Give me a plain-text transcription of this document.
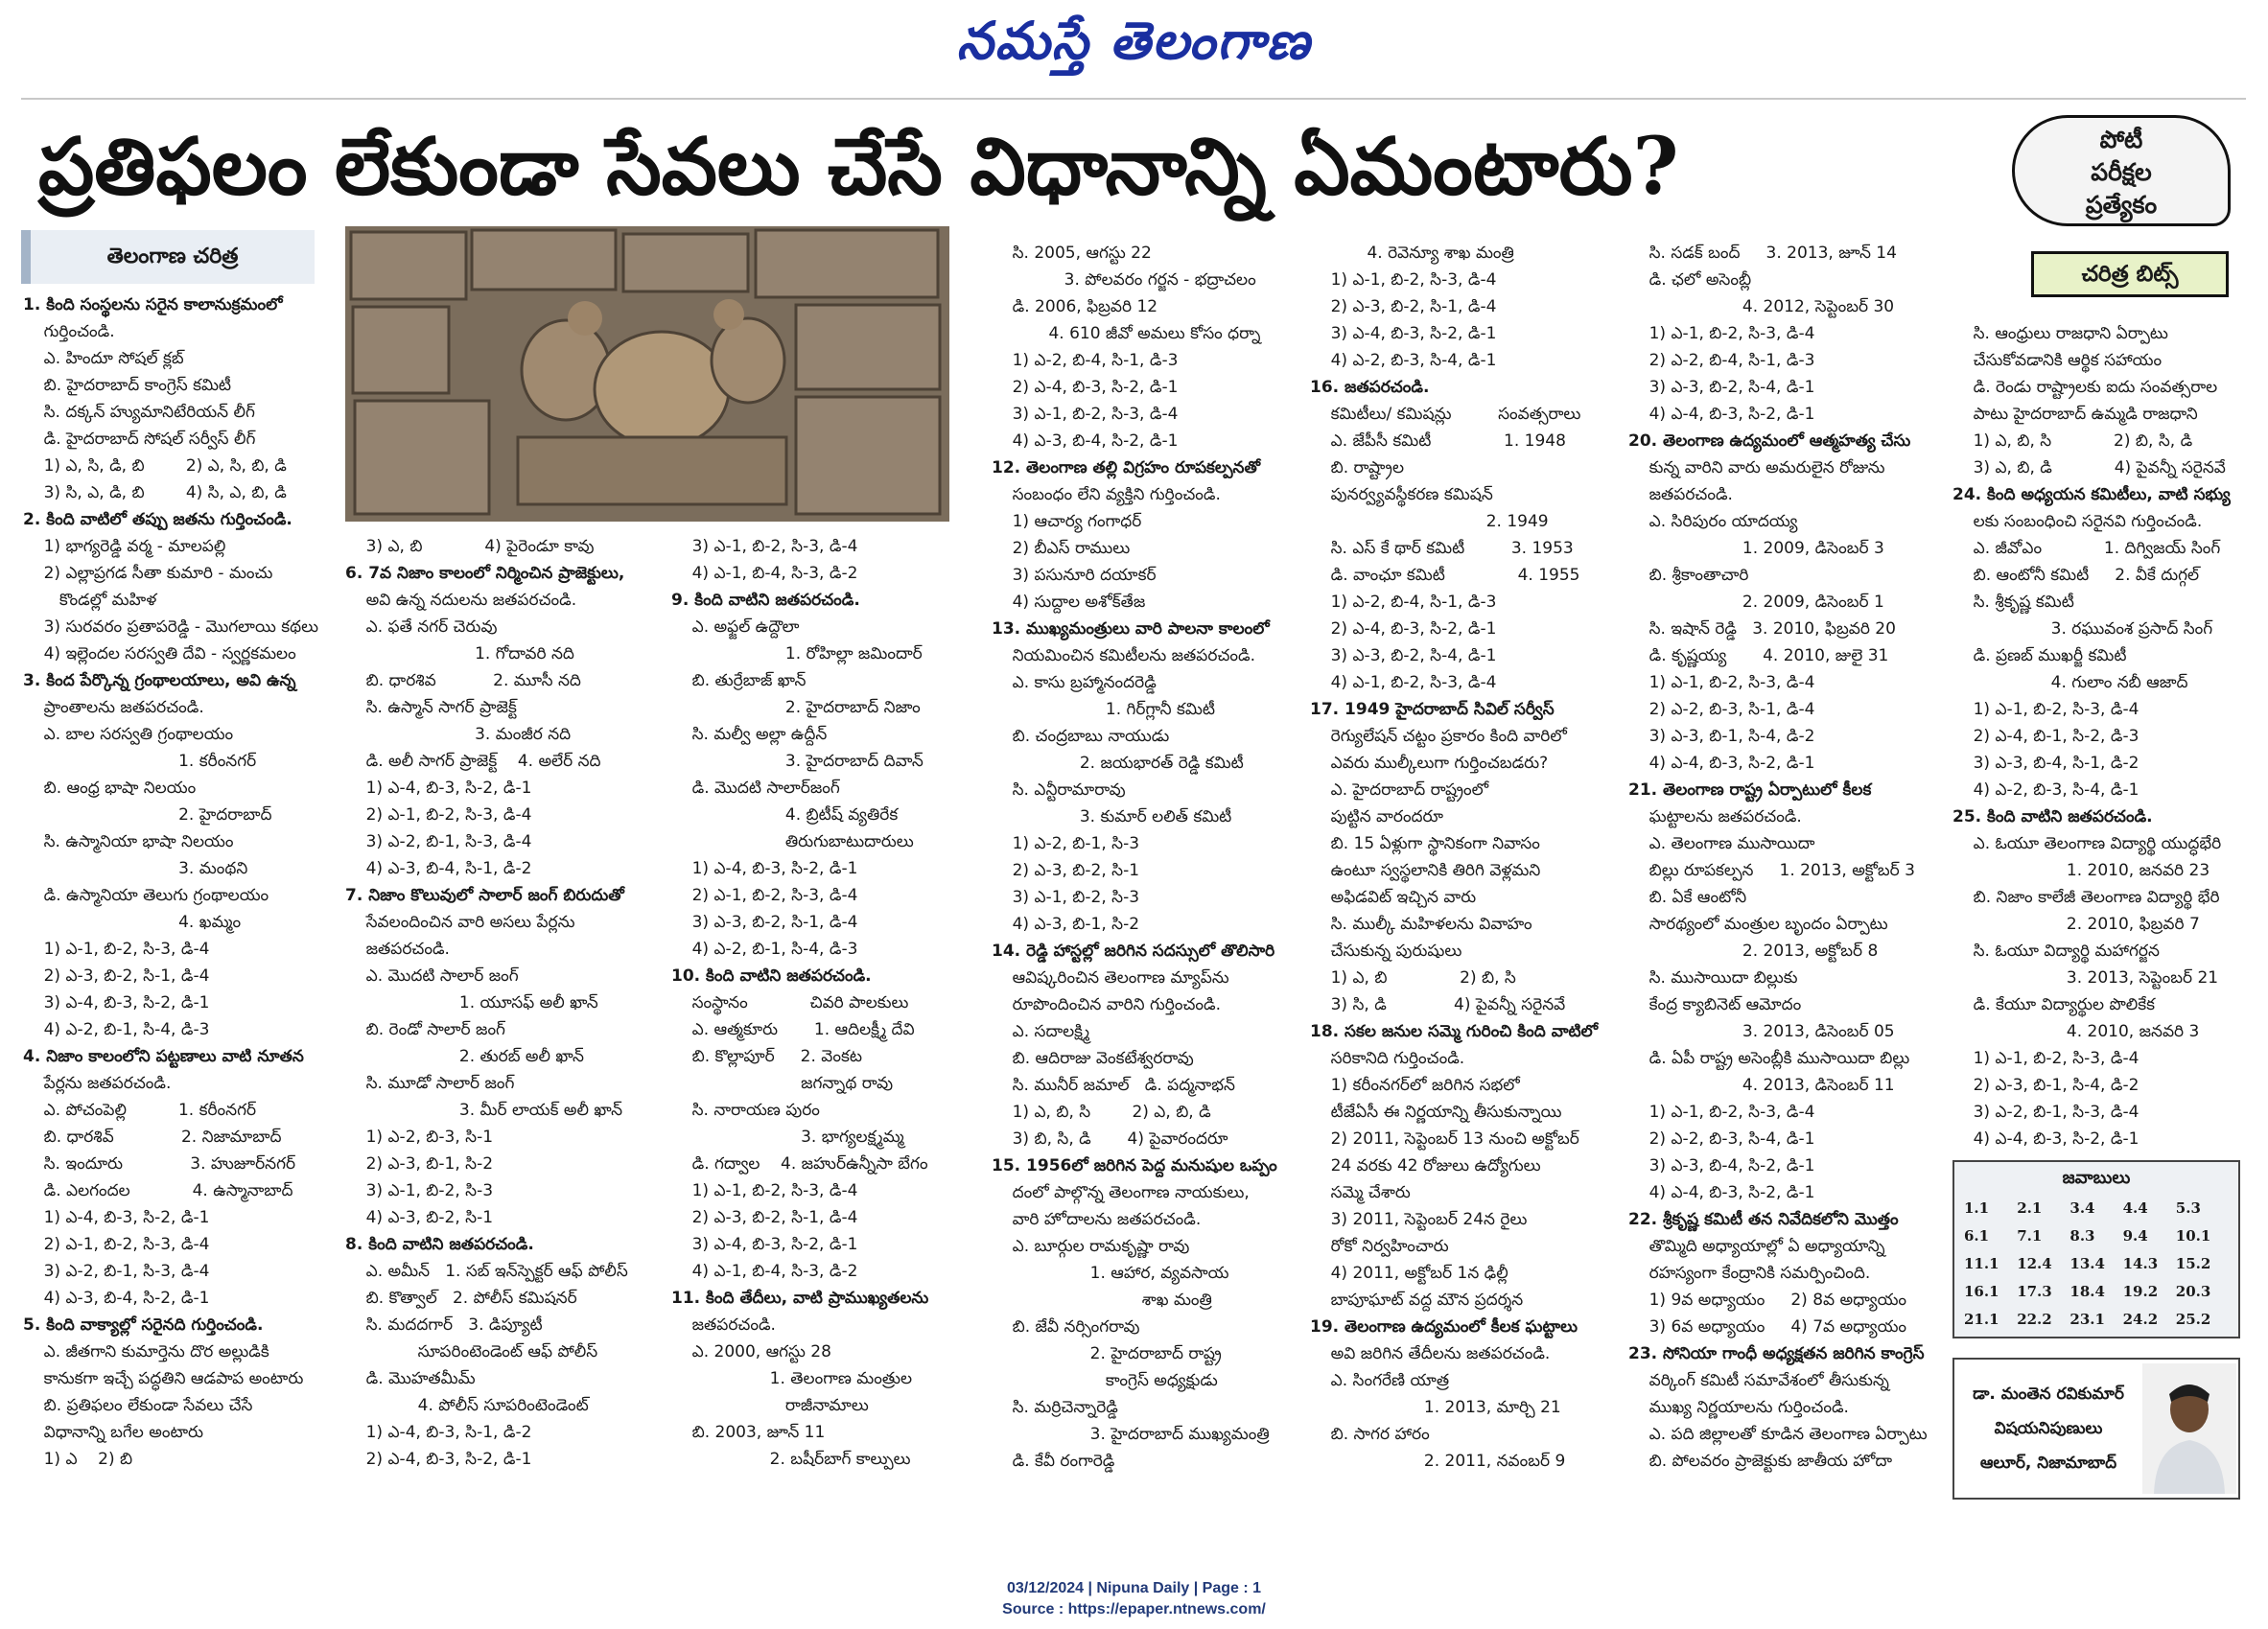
నమస్తే తెలంగాణ
ప్రతిఫలం లేకుండా సేవలు చేసే విధానాన్ని ఏమంటారు?	పోటీ
పరీక్షల
ప్రత్యేకం
తెలంగాణ చరిత్ర
చరిత్ర బిట్స్
1. కింది సంస్థలను సరైన కాలానుక్రమంలో
గుర్తించండి.
ఎ. హిందూ సోషల్ క్లబ్
బి. హైదరాబాద్ కాంగ్రెస్ కమిటీ
సి. దక్కన్ హ్యుమానిటేరియన్ లీగ్
డి. హైదరాబాద్ సోషల్ సర్వీస్ లీగ్
1) ఎ, సి, డి, బి        2) ఎ, సి, బి, డి
3) సి, ఎ, డి, బి        4) సి, ఎ, బి, డి
2. కింది వాటిలో తప్పు జతను గుర్తించండి.
1) భాగ్యరెడ్డి వర్మ - మాలపల్లి
2) ఎల్లాప్రగడ సీతా కుమారి - మంచు
కొండల్లో మహిళ
3) సురవరం ప్రతాపరెడ్డి - మొగలాయి కథలు
4) ఇల్లెందల సరస్వతి దేవి - స్వర్ణకమలం
3. కింద పేర్కొన్న గ్రంథాలయాలు, అవి ఉన్న
ప్రాంతాలను జతపరచండి.
ఎ. బాల సరస్వతి గ్రంథాలయం
1. కరీంనగర్
బి. ఆంధ్ర భాషా నిలయం
2. హైదరాబాద్
సి. ఉస్మానియా భాషా నిలయం
3. మంథని
డి. ఉస్మానియా తెలుగు గ్రంథాలయం
4. ఖమ్మం
1) ఎ-1, బి-2, సి-3, డి-4
2) ఎ-3, బి-2, సి-1, డి-4
3) ఎ-4, బి-3, సి-2, డి-1
4) ఎ-2, బి-1, సి-4, డి-3
4. నిజాం కాలంలోని పట్టణాలు వాటి నూతన
పేర్లను జతపరచండి.
ఎ. పోచంపెల్లి          1. కరీంనగర్
బి. ధారశివ్             2. నిజామాబాద్
సి. ఇందూరు             3. హుజూర్‌నగర్
డి. ఎలగందల            4. ఉస్మానాబాద్
1) ఎ-4, బి-3, సి-2, డి-1
2) ఎ-1, బి-2, సి-3, డి-4
3) ఎ-2, బి-1, సి-3, డి-4
4) ఎ-3, బి-4, సి-2, డి-1
5. కింది వాక్యాల్లో సరైనది గుర్తించండి.
ఎ. జీతగాని కుమార్తెను దొర అల్లుడికి
కానుకగా ఇచ్చే పద్ధతిని ఆడపాప అంటారు
బి. ప్రతిఫలం లేకుండా సేవలు చేసే
విధానాన్ని బగేల అంటారు
1) ఎ    2) బి
3) ఎ, బి            4) పైరెండూ కావు
6. 7వ నిజాం కాలంలో నిర్మించిన ప్రాజెక్టులు,
అవి ఉన్న నదులను జతపరచండి.
ఎ. ఫతే నగర్ చెరువు
1. గోదావరి నది
బి. ధారశివ           2. మూసీ నది
సి. ఉస్మాన్ సాగర్ ప్రాజెక్ట్
3. మంజీర నది
డి. అలీ సాగర్ ప్రాజెక్ట్    4. అలేర్ నది
1) ఎ-4, బి-3, సి-2, డి-1
2) ఎ-1, బి-2, సి-3, డి-4
3) ఎ-2, బి-1, సి-3, డి-4
4) ఎ-3, బి-4, సి-1, డి-2
7. నిజాం కొలువులో సాలార్ జంగ్ బిరుదుతో
సేవలందించిన వారి అసలు పేర్లను
జతపరచండి.
ఎ. మొదటి సాలార్ జంగ్
1. యూసఫ్ అలీ ఖాన్
బి. రెండో సాలార్ జంగ్
2. తురబ్ అలీ ఖాన్
సి. మూడో సాలార్ జంగ్
3. మీర్ లాయక్ అలీ ఖాన్
1) ఎ-2, బి-3, సి-1
2) ఎ-3, బి-1, సి-2
3) ఎ-1, బి-2, సి-3
4) ఎ-3, బి-2, సి-1
8. కింది వాటిని జతపరచండి.
ఎ. అమీన్   1. సబ్ ఇన్‌స్పెక్టర్ ఆఫ్ పోలీస్
బి. కొత్వాల్   2. పోలీస్ కమిషనర్
సి. మదదగార్   3. డిప్యూటీ
సూపరింటెండెంట్ ఆఫ్ పోలీస్
డి. మొహతమీమ్
4. పోలీస్ సూపరింటెండెంట్
1) ఎ-4, బి-3, సి-1, డి-2
2) ఎ-4, బి-3, సి-2, డి-1
3) ఎ-1, బి-2, సి-3, డి-4
4) ఎ-1, బి-4, సి-3, డి-2
9. కింది వాటిని జతపరచండి.
ఎ. అఫ్జల్ ఉద్దౌలా
1. రోహిల్లా జమిందార్
బి. తుర్రేబాజ్ ఖాన్
2. హైదరాబాద్ నిజాం
సి. మల్వీ అల్లా ఉద్దీన్
3. హైదరాబాద్ దివాన్
డి. మొదటి సాలార్‌జంగ్
4. బ్రిటీష్ వ్యతిరేక
తిరుగుబాటుదారులు
1) ఎ-4, బి-3, సి-2, డి-1
2) ఎ-1, బి-2, సి-3, డి-4
3) ఎ-3, బి-2, సి-1, డి-4
4) ఎ-2, బి-1, సి-4, డి-3
10. కింది వాటిని జతపరచండి.
సంస్థానం            చివరి పాలకులు
ఎ. ఆత్మకూరు       1. ఆదిలక్ష్మీ దేవి
బి. కొల్లాపూర్     2. వెంకట
జగన్నాథ రావు
సి. నారాయణ పురం
3. భాగ్యలక్ష్మమ్మ
డి. గద్వాల    4. జహుర్‌ఉన్నీసా బేగం
1) ఎ-1, బి-2, సి-3, డి-4
2) ఎ-3, బి-2, సి-1, డి-4
3) ఎ-4, బి-3, సి-2, డి-1
4) ఎ-1, బి-4, సి-3, డి-2
11. కింది తేదీలు, వాటి ప్రాముఖ్యతలను
జతపరచండి.
ఎ. 2000, ఆగస్టు 28
1. తెలంగాణ మంత్రుల
రాజీనామాలు
బి. 2003, జూన్ 11
2. బషీర్‌బాగ్ కాల్పులు
సి. 2005, ఆగస్టు 22
3. పోలవరం గర్జన - భద్రాచలం
డి. 2006, ఫిబ్రవరి 12
4. 610 జీవో అమలు కోసం ధర్నా
1) ఎ-2, బి-4, సి-1, డి-3
2) ఎ-4, బి-3, సి-2, డి-1
3) ఎ-1, బి-2, సి-3, డి-4
4) ఎ-3, బి-4, సి-2, డి-1
12. తెలంగాణ తల్లి విగ్రహం రూపకల్పనతో
సంబంధం లేని వ్యక్తిని గుర్తించండి.
1) ఆచార్య గంగాధర్
2) బీఎస్ రాములు
3) పసునూరి దయాకర్
4) సుద్దాల అశోక్‌తేజ
13. ముఖ్యమంత్రులు వారి పాలనా కాలంలో
నియమించిన కమిటీలను జతపరచండి.
ఎ. కాసు బ్రహ్మానందరెడ్డి
1. గిర్‌గ్లానీ కమిటీ
బి. చంద్రబాబు నాయుడు
2. జయభారత్ రెడ్డి కమిటీ
సి. ఎన్టీరామారావు
3. కుమార్ లలిత్ కమిటీ
1) ఎ-2, బి-1, సి-3
2) ఎ-3, బి-2, సి-1
3) ఎ-1, బి-2, సి-3
4) ఎ-3, బి-1, సి-2
14. రెడ్డి హాస్టల్లో జరిగిన సదస్సులో తొలిసారి
ఆవిష్కరించిన తెలంగాణ మ్యాప్‌ను
రూపొందించిన వారిని గుర్తించండి.
ఎ. సదాలక్ష్మి
బి. ఆదిరాజు వెంకటేశ్వరరావు
సి. మునీర్ జమాల్   డి. పద్మనాభన్
1) ఎ, బి, సి        2) ఎ, బి, డి
3) బి, సి, డి       4) పైవారందరూ
15. 1956లో జరిగిన పెద్ద మనుషుల ఒప్పం
దంలో పాల్గొన్న తెలంగాణ నాయకులు,
వారి హోదాలను జతపరచండి.
ఎ. బూర్గుల రామకృష్ణా రావు
1. ఆహార, వ్యవసాయ
శాఖ మంత్రి
బి. జేవీ నర్సింగరావు
2. హైదరాబాద్ రాష్ట్ర
కాంగ్రెస్ అధ్యక్షుడు
సి. మర్రిచెన్నారెడ్డి
3. హైదరాబాద్ ముఖ్యమంత్రి
డి. కేవీ రంగారెడ్డి
4. రెవెన్యూ శాఖ మంత్రి
1) ఎ-1, బి-2, సి-3, డి-4
2) ఎ-3, బి-2, సి-1, డి-4
3) ఎ-4, బి-3, సి-2, డి-1
4) ఎ-2, బి-3, సి-4, డి-1
16. జతపరచండి.
కమిటీలు/ కమిషన్లు         సంవత్సరాలు
ఎ. జేపీసీ కమిటీ              1. 1948
బి. రాష్ట్రాల
పునర్వ్యవస్థీకరణ కమిషన్
2. 1949
సి. ఎస్ కే థార్ కమిటీ         3. 1953
డి. వాంఛూ కమిటీ              4. 1955
1) ఎ-2, బి-4, సి-1, డి-3
2) ఎ-4, బి-3, సి-2, డి-1
3) ఎ-3, బి-2, సి-4, డి-1
4) ఎ-1, బి-2, సి-3, డి-4
17. 1949 హైదరాబాద్ సివిల్ సర్వీస్
రెగ్యులేషన్ చట్టం ప్రకారం కింది వారిలో
ఎవరు ముల్కీలుగా గుర్తించబడరు?
ఎ. హైదరాబాద్ రాష్ట్రంలో
పుట్టిన వారందరూ
బి. 15 ఏళ్లుగా స్థానికంగా నివాసం
ఉంటూ స్వస్థలానికి తిరిగి వెళ్లమని
అఫిడవిట్ ఇచ్చిన వారు
సి. ముల్కీ మహిళలను వివాహం
చేసుకున్న పురుషులు
1) ఎ, బి              2) బి, సి
3) సి, డి             4) పైవన్నీ సరైనవే
18. సకల జనుల సమ్మె గురించి కింది వాటిలో
సరికానిది గుర్తించండి.
1) కరీంనగర్‌లో జరిగిన సభలో
టీజేఏసీ ఈ నిర్ణయాన్ని తీసుకున్నాయి
2) 2011, సెప్టెంబర్ 13 నుంచి అక్టోబర్
24 వరకు 42 రోజులు ఉద్యోగులు
సమ్మె చేశారు
3) 2011, సెప్టెంబర్ 24న రైలు
రోకో నిర్వహించారు
4) 2011, అక్టోబర్ 1న ఢిల్లీ
బాపూఘాట్ వద్ద మౌన ప్రదర్శన
19. తెలంగాణ ఉద్యమంలో కీలక ఘట్టాలు
అవి జరిగిన తేదీలను జతపరచండి.
ఎ. సింగరేణి యాత్ర
1. 2013, మార్చి 21
బి. సాగర హారం
2. 2011, నవంబర్ 9
సి. సడక్ బంద్     3. 2013, జూన్ 14
డి. ఛలో అసెంబ్లీ
4. 2012, సెప్టెంబర్ 30
1) ఎ-1, బి-2, సి-3, డి-4
2) ఎ-2, బి-4, సి-1, డి-3
3) ఎ-3, బి-2, సి-4, డి-1
4) ఎ-4, బి-3, సి-2, డి-1
20. తెలంగాణ ఉద్యమంలో ఆత్మహత్య చేసు
కున్న వారిని వారు అమరులైన రోజును
జతపరచండి.
ఎ. సిరిపురం యాదయ్య
1. 2009, డిసెంబర్ 3
బి. శ్రీకాంతాచారి
2. 2009, డిసెంబర్ 1
సి. ఇషాన్ రెడ్డి   3. 2010, ఫిబ్రవరి 20
డి. కృష్ణయ్య       4. 2010, జులై 31
1) ఎ-1, బి-2, సి-3, డి-4
2) ఎ-2, బి-3, సి-1, డి-4
3) ఎ-3, బి-1, సి-4, డి-2
4) ఎ-4, బి-3, సి-2, డి-1
21. తెలంగాణ రాష్ట్ర ఏర్పాటులో కీలక
ఘట్టాలను జతపరచండి.
ఎ. తెలంగాణ ముసాయిదా
బిల్లు రూపకల్పన     1. 2013, అక్టోబర్ 3
బి. ఏకే ఆంటోనీ
సారథ్యంలో మంత్రుల బృందం ఏర్పాటు
2. 2013, అక్టోబర్ 8
సి. ముసాయిదా బిల్లుకు
కేంద్ర క్యాబినెట్ ఆమోదం
3. 2013, డిసెంబర్ 05
డి. ఏపీ రాష్ట్ర అసెంబ్లీకి ముసాయిదా బిల్లు
4. 2013, డిసెంబర్ 11
1) ఎ-1, బి-2, సి-3, డి-4
2) ఎ-2, బి-3, సి-4, డి-1
3) ఎ-3, బి-4, సి-2, డి-1
4) ఎ-4, బి-3, సి-2, డి-1
22. శ్రీకృష్ణ కమిటీ తన నివేదికలోని మొత్తం
తొమ్మిది అధ్యాయాల్లో ఏ అధ్యాయాన్ని
రహస్యంగా కేంద్రానికి సమర్పించింది.
1) 9వ అధ్యాయం     2) 8వ అధ్యాయం
3) 6వ అధ్యాయం     4) 7వ అధ్యాయం
23. సోనియా గాంధీ అధ్యక్షతన జరిగిన కాంగ్రెస్
వర్కింగ్ కమిటీ సమావేశంలో తీసుకున్న
ముఖ్య నిర్ణయాలను గుర్తించండి.
ఎ. పది జిల్లాలతో కూడిన తెలంగాణ ఏర్పాటు
బి. పోలవరం ప్రాజెక్టుకు జాతీయ హోదా
సి. ఆంధ్రులు రాజధాని ఏర్పాటు
చేసుకోవడానికి ఆర్థిక సహాయం
డి. రెండు రాష్ట్రాలకు ఐదు సంవత్సరాల
పాటు హైదరాబాద్ ఉమ్మడి రాజధాని
1) ఎ, బి, సి            2) బి, సి, డి
3) ఎ, బి, డి            4) పైవన్నీ సరైనవే
24. కింది అధ్యయన కమిటీలు, వాటి సభ్యు
లకు సంబంధించి సరైనవి గుర్తించండి.
ఎ. జీవోఎం            1. దిగ్విజయ్ సింగ్
బి. ఆంటోనీ కమిటీ     2. వీకే దుగ్గల్
సి. శ్రీకృష్ణ కమిటీ
3. రఘువంశ ప్రసాద్ సింగ్
డి. ప్రణబ్ ముఖర్జీ కమిటీ
4. గులాం నబీ ఆజాద్
1) ఎ-1, బి-2, సి-3, డి-4
2) ఎ-4, బి-1, సి-2, డి-3
3) ఎ-3, బి-4, సి-1, డి-2
4) ఎ-2, బి-3, సి-4, డి-1
25. కింది వాటిని జతపరచండి.
ఎ. ఓయూ తెలంగాణ విద్యార్థి యుద్ధభేరి
1. 2010, జనవరి 23
బి. నిజాం కాలేజీ తెలంగాణ విద్యార్థి భేరి
2. 2010, ఫిబ్రవరి 7
సి. ఓయూ విద్యార్థి మహాగర్జన
3. 2013, సెప్టెంబర్ 21
డి. కేయూ విద్యార్థుల పొలికేక
4. 2010, జనవరి 3
1) ఎ-1, బి-2, సి-3, డి-4
2) ఎ-3, బి-1, సి-4, డి-2
3) ఎ-2, బి-1, సి-3, డి-4
4) ఎ-4, బి-3, సి-2, డి-1
జవాబులు
1.1	2.1	3.4	4.4	5.3
6.1	7.1	8.3	9.4	10.1
11.1	12.4	13.4	14.3	15.2
16.1	17.3	18.4	19.2	20.3
21.1	22.2	23.1	24.2	25.2
డా. మంతెన రవికుమార్
విషయనిపుణులు
ఆలూర్, నిజామాబాద్
03/12/2024 | Nipuna Daily | Page : 1
Source : https://epaper.ntnews.com/
